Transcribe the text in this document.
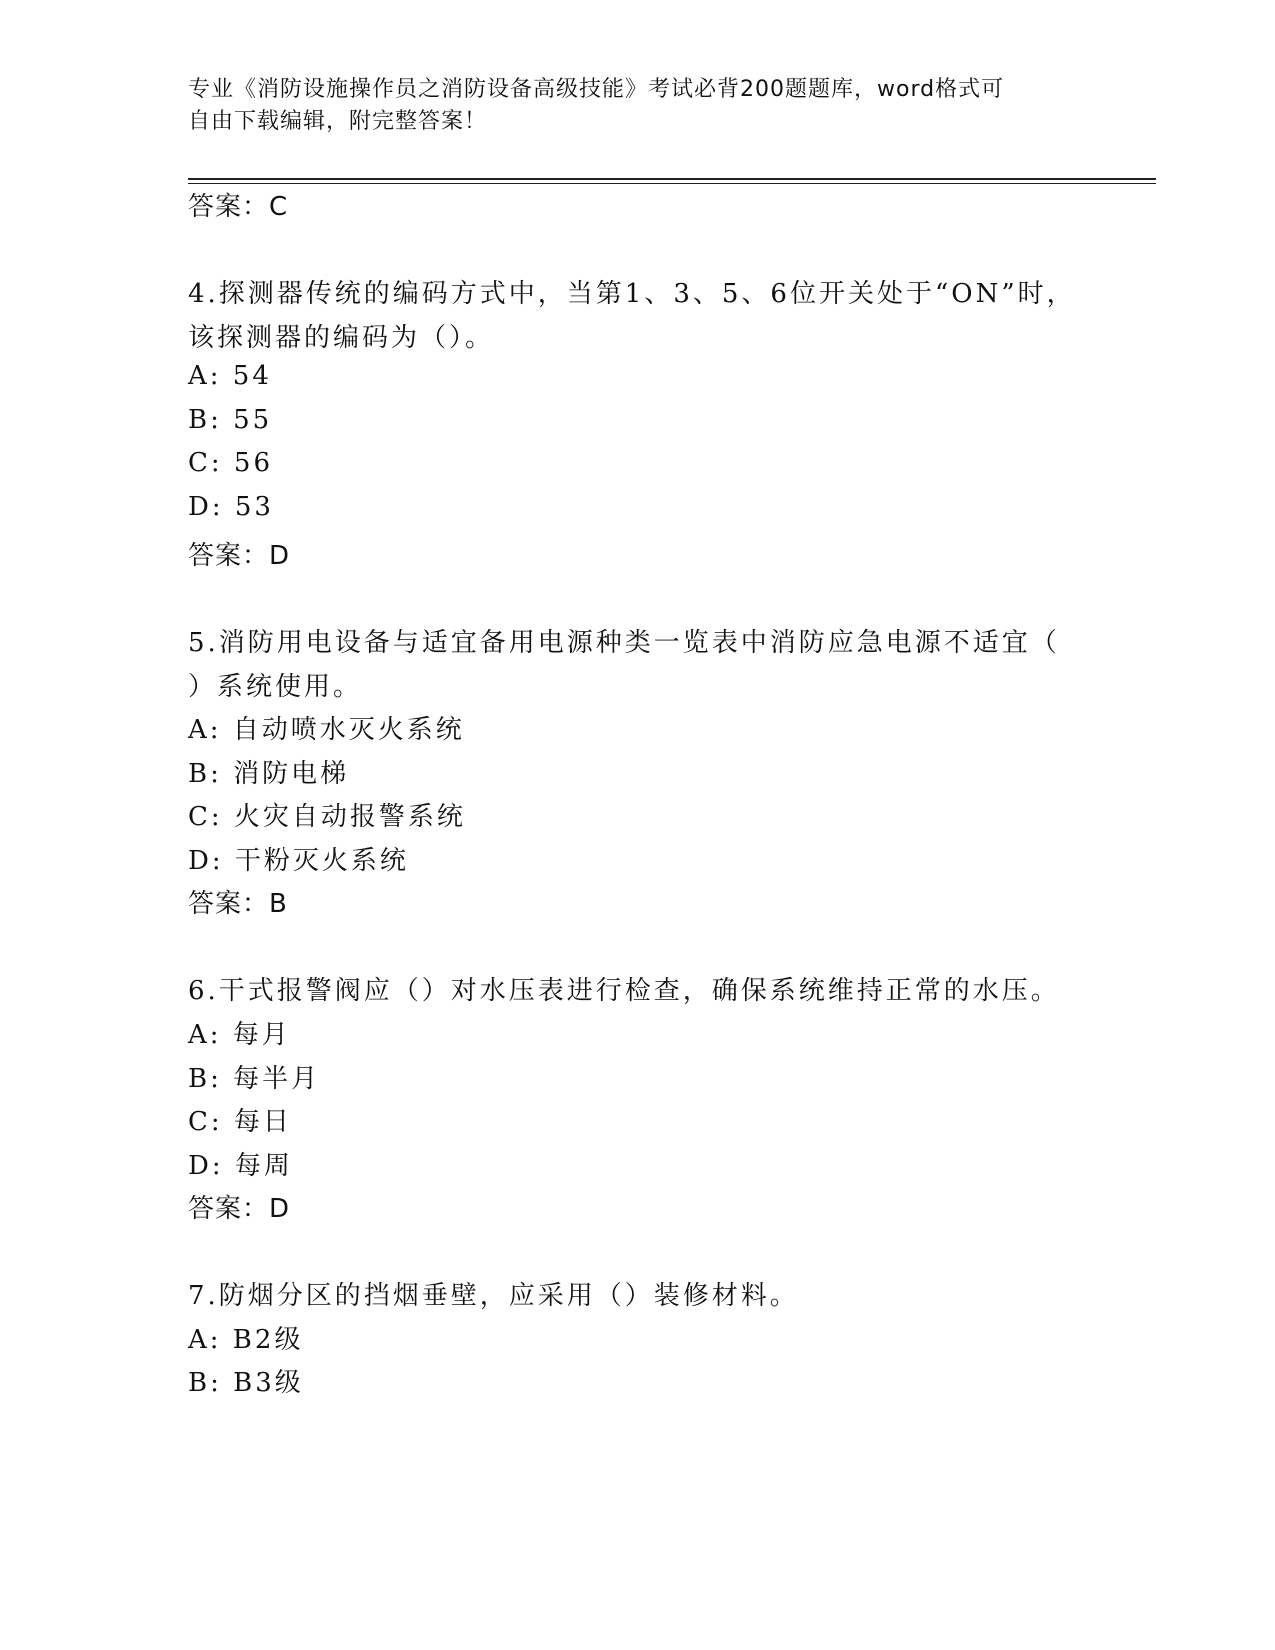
专业《消防设施操作员之消防设备高级技能》考试必背200题题库，word格式可
自由下载编辑，附完整答案！
答案：C
4.探测器传统的编码方式中，当第1、3、5、6位开关处于“ON”时，
该探测器的编码为（）。
A: 54
B: 55
C: 56
D: 53
答案：D
5.消防用电设备与适宜备用电源种类一览表中消防应急电源不适宜（
）系统使用。
A: 自动喷水灭火系统
B: 消防电梯
C: 火灾自动报警系统
D: 干粉灭火系统
答案：B
6.干式报警阀应（）对水压表进行检查，确保系统维持正常的水压。
A: 每月
B: 每半月
C: 每日
D: 每周
答案：D
7.防烟分区的挡烟垂壁，应采用（）装修材料。
A: B2级
B: B3级
